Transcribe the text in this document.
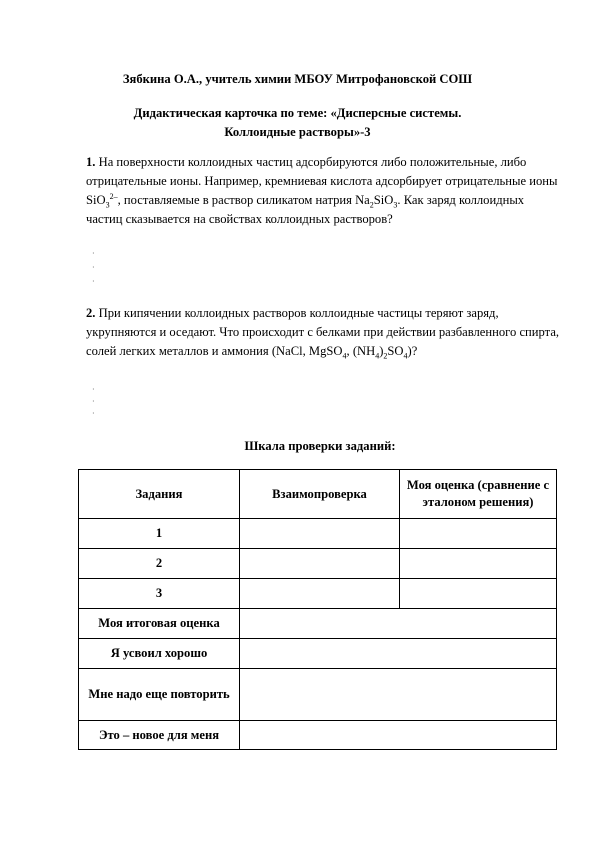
Зябкина О.А., учитель химии МБОУ Митрофановской СОШ
Дидактическая карточка по теме: «Дисперсные системы.
Коллоидные растворы»-3
1. На поверхности коллоидных частиц адсорбируются либо положительные, либо отрицательные ионы. Например, кремниевая кислота адсорбирует отрицательные ионы SiO$_3^{2-}$, поставляемые в раствор силикатом натрия $Na_2SiO_3$. Как заряд коллоидных частиц сказывается на свойствах коллоидных растворов?
·
·
·
2. При кипячении коллоидных растворов коллоидные частицы теряют заряд, укрупняются и оседают. Что происходит с белками при действии разбавленного спирта, солей легких металлов и аммония (NaCl, MgSO$_4$, $(NH_4)_2SO_4$)?
·
·
·
Шкала проверки заданий:
Задания	Взаимопроверка	Моя оценка (сравнение с эталоном решения)
1		
2		
3		
Моя итоговая оценка		
Я усвоил хорошо		
Мне надо еще повторить		
Это – новое для меня		
